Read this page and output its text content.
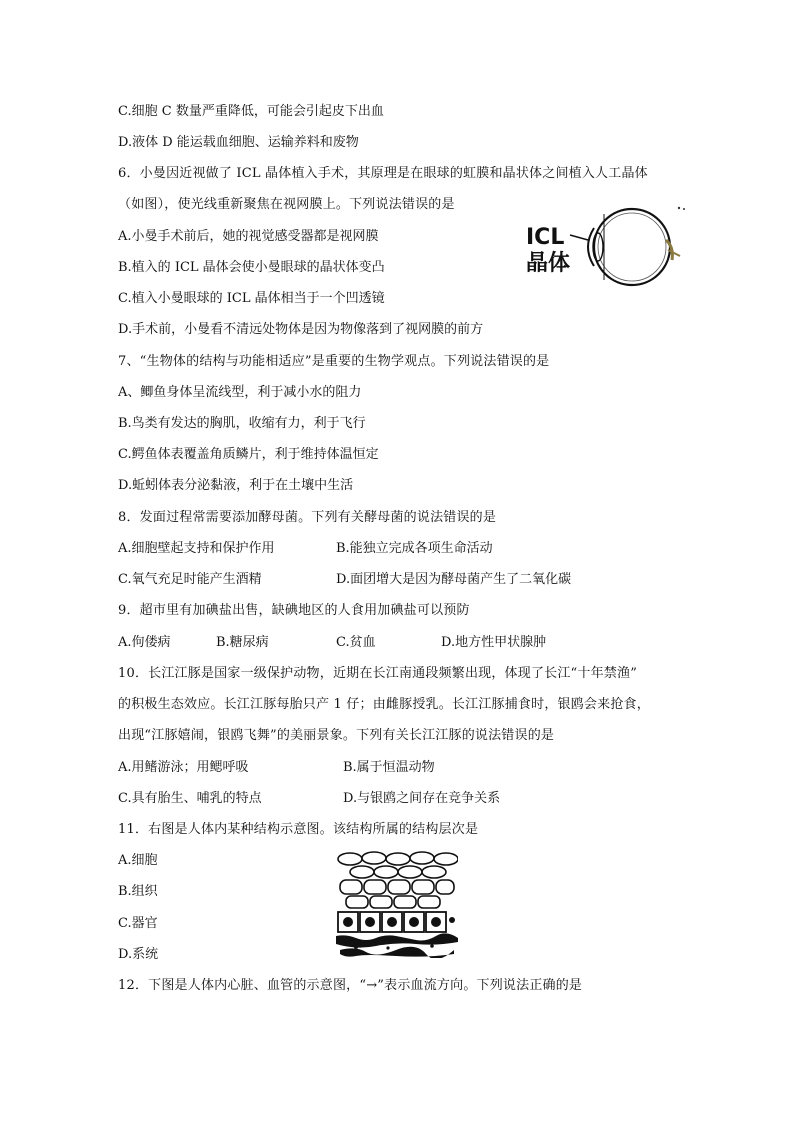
C.细胞 C 数量严重降低，可能会引起皮下出血
D.液体 D 能运载血细胞、运输养料和废物
6．小曼因近视做了 ICL 晶体植入手术，其原理是在眼球的虹膜和晶状体之间植入人工晶体
（如图），使光线重新聚焦在视网膜上。下列说法错误的是
A.小曼手术前后，她的视觉感受器都是视网膜
B.植入的 ICL 晶体会使小曼眼球的晶状体变凸
C.植入小曼眼球的 ICL 晶体相当于一个凹透镜
D.手术前，小曼看不清远处物体是因为物像落到了视网膜的前方
ICL
晶体
7、“生物体的结构与功能相适应”是重要的生物学观点。下列说法错误的是
A、鲫鱼身体呈流线型，利于减小水的阻力
B.鸟类有发达的胸肌，收缩有力，利于飞行
C.鳄鱼体表覆盖角质鳞片，利于维持体温恒定
D.蚯蚓体表分泌黏液，利于在土壤中生活
8．发面过程常需要添加酵母菌。下列有关酵母菌的说法错误的是
A.细胞壁起支持和保护作用	B.能独立完成各项生命活动
C.氧气充足时能产生酒精	D.面团增大是因为酵母菌产生了二氧化碳
9．超市里有加碘盐出售，缺碘地区的人食用加碘盐可以预防
A.佝偻病	B.糖尿病	C.贫血	D.地方性甲状腺肿
10．长江江豚是国家一级保护动物，近期在长江南通段频繁出现，体现了长江“十年禁渔”
的积极生态效应。长江江豚每胎只产 1 仔；由雌豚授乳。长江江豚捕食时，银鸥会来抢食，
出现“江豚嬉闹，银鸥飞舞”的美丽景象。下列有关长江江豚的说法错误的是
A.用鳍游泳；用鳃呼吸	B.属于恒温动物
C.具有胎生、哺乳的特点	D.与银鸥之间存在竞争关系
11．右图是人体内某种结构示意图。该结构所属的结构层次是
A.细胞
B.组织
C.器官
D.系统
12．下图是人体内心脏、血管的示意图，“→”表示血流方向。下列说法正确的是
